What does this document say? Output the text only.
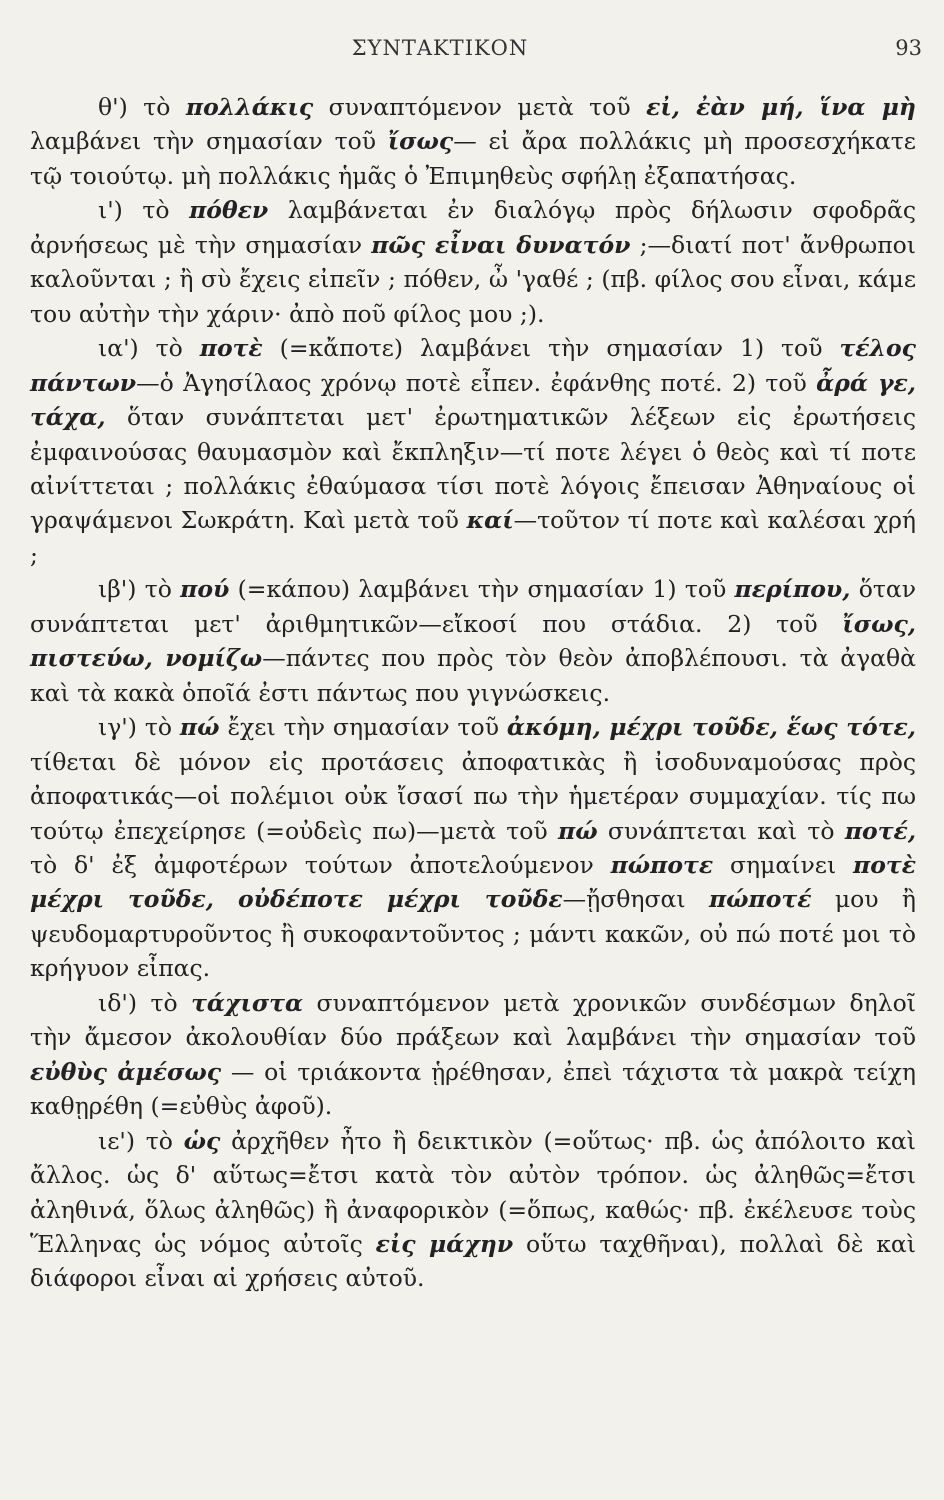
ΣΥΝΤΑΚΤΙΚΟΝ	93

θ') τὸ πολλάκις συναπτόμενον μετὰ τοῦ εἰ, ἐὰν μή, ἵνα μὴ λαμβάνει τὴν σημασίαν τοῦ ἴσως— εἰ ἄρα πολλάκις μὴ προσεσχήκατε τῷ τοιούτῳ. μὴ πολλάκις ἡμᾶς ὁ Ἐπιμηθεὺς σφήλῃ ἐξαπατήσας.

ι') τὸ πόθεν λαμβάνεται ἐν διαλόγῳ πρὸς δήλωσιν σφοδρᾶς ἀρνήσεως μὲ τὴν σημασίαν πῶς εἶναι δυνατόν ;—διατί ποτ' ἄνθρωποι καλοῦνται ; ἢ σὺ ἔχεις εἰπεῖν ; πόθεν, ὦ 'γαθέ ; (πβ. φίλος σου εἶναι, κάμε του αὐτὴν τὴν χάριν· ἀπὸ ποῦ φίλος μου ;).

ια') τὸ ποτὲ (=κἄποτε) λαμβάνει τὴν σημασίαν 1) τοῦ τέλος πάντων—ὁ Ἀγησίλαος χρόνῳ ποτὲ εἶπεν. ἐφάνθης ποτέ. 2) τοῦ ἆρά γε, τάχα, ὅταν συνάπτεται μετ' ἐρωτηματικῶν λέξεων εἰς ἐρωτήσεις ἐμφαινούσας θαυμασμὸν καὶ ἔκπληξιν—τί ποτε λέγει ὁ θεὸς καὶ τί ποτε αἰνίττεται ; πολλάκις ἐθαύμασα τίσι ποτὲ λόγοις ἔπεισαν Ἀθηναίους οἱ γραψάμενοι Σωκράτη. Καὶ μετὰ τοῦ καί—τοῦτον τί ποτε καὶ καλέσαι χρή ;

ιβ') τὸ πού (=κάπου) λαμβάνει τὴν σημασίαν 1) τοῦ περίπου, ὅταν συνάπτεται μετ' ἀριθμητικῶν—εἴκοσί που στάδια. 2) τοῦ ἴσως, πιστεύω, νομίζω—πάντες που πρὸς τὸν θεὸν ἀποβλέπουσι. τὰ ἀγαθὰ καὶ τὰ κακὰ ὁποῖά ἐστι πάντως που γιγνώσκεις.

ιγ') τὸ πώ ἔχει τὴν σημασίαν τοῦ ἀκόμη, μέχρι τοῦδε, ἕως τότε, τίθεται δὲ μόνον εἰς προτάσεις ἀποφατικὰς ἢ ἰσοδυναμούσας πρὸς ἀποφατικάς—οἱ πολέμιοι οὐκ ἴσασί πω τὴν ἡμετέραν συμμαχίαν. τίς πω τούτῳ ἐπεχείρησε (=οὐδεὶς πω)—μετὰ τοῦ πώ συνάπτεται καὶ τὸ ποτέ, τὸ δ' ἐξ ἀμφοτέρων τούτων ἀποτελούμενον πώποτε σημαίνει ποτὲ μέχρι τοῦδε, οὐδέποτε μέχρι τοῦδε—ᾔσθησαι πώποτέ μου ἢ ψευδομαρτυροῦντος ἢ συκοφαντοῦντος ; μάντι κακῶν, οὐ πώ ποτέ μοι τὸ κρήγυον εἶπας.

ιδ') τὸ τάχιστα συναπτόμενον μετὰ χρονικῶν συνδέσμων δηλοῖ τὴν ἄμεσον ἀκολουθίαν δύο πράξεων καὶ λαμβάνει τὴν σημασίαν τοῦ εὐθὺς ἀμέσως — οἱ τριάκοντα ᾑρέθησαν, ἐπεὶ τάχιστα τὰ μακρὰ τείχη καθῃρέθη (=εὐθὺς ἀφοῦ).

ιε') τὸ ὡς ἀρχῆθεν ἦτο ἢ δεικτικὸν (=οὕτως· πβ. ὡς ἀπόλοιτο καὶ ἄλλος. ὡς δ' αὕτως=ἔτσι κατὰ τὸν αὐτὸν τρόπον. ὡς ἀληθῶς=ἔτσι ἀληθινά, ὅλως ἀληθῶς) ἢ ἀναφορικὸν (=ὅπως, καθώς· πβ. ἐκέλευσε τοὺς Ἕλληνας ὡς νόμος αὐτοῖς εἰς μάχην οὕτω ταχθῆναι), πολλαὶ δὲ καὶ διάφοροι εἶναι αἱ χρήσεις αὐτοῦ.
